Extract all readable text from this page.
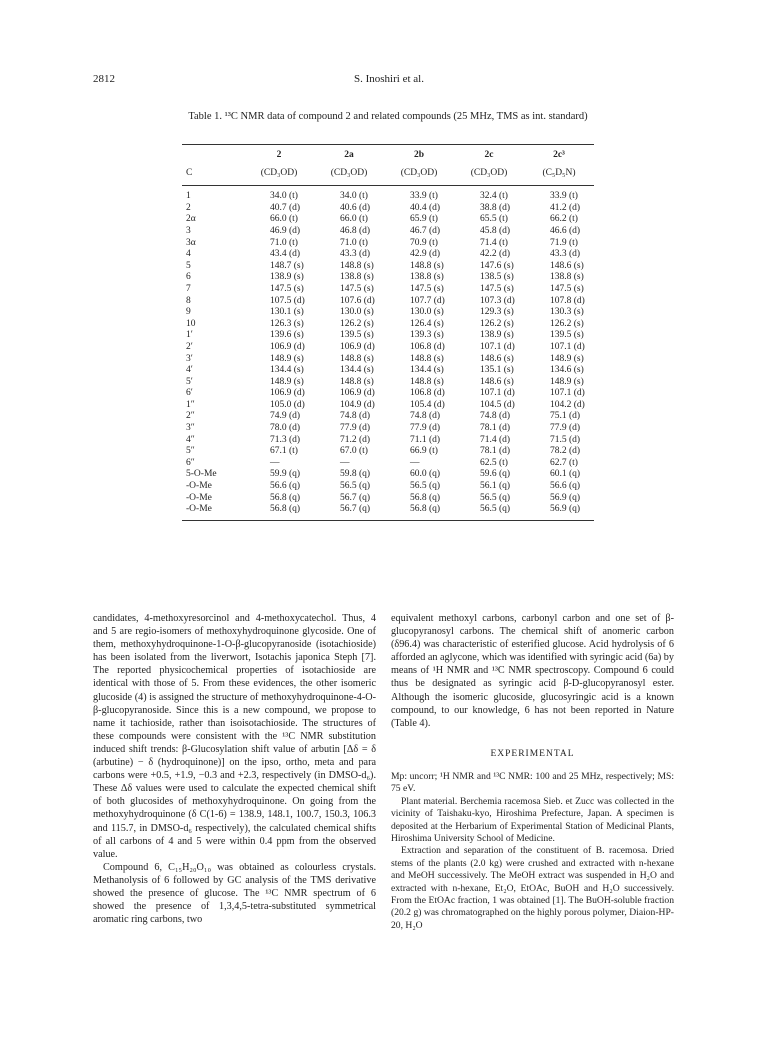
2812	S. Inoshiri et al.
Table 1. ¹³C NMR data of compound 2 and related compounds (25 MHz, TMS as int. standard)
	2	2a	2b	2c	2c³
C	(CD₃OD)	(CD₃OD)	(CD₃OD)	(CD₃OD)	(C₅D₅N)
1	34.0 (t)	34.0 (t)	33.9 (t)	32.4 (t)	33.9 (t)
2	40.7 (d)	40.6 (d)	40.4 (d)	38.8 (d)	41.2 (d)
2α	66.0 (t)	66.0 (t)	65.9 (t)	65.5 (t)	66.2 (t)
3	46.9 (d)	46.8 (d)	46.7 (d)	45.8 (d)	46.6 (d)
3α	71.0 (t)	71.0 (t)	70.9 (t)	71.4 (t)	71.9 (t)
4	43.4 (d)	43.3 (d)	42.9 (d)	42.2 (d)	43.3 (d)
5	148.7 (s)	148.8 (s)	148.8 (s)	147.6 (s)	148.6 (s)
6	138.9 (s)	138.8 (s)	138.8 (s)	138.5 (s)	138.8 (s)
7	147.5 (s)	147.5 (s)	147.5 (s)	147.5 (s)	147.5 (s)
8	107.5 (d)	107.6 (d)	107.7 (d)	107.3 (d)	107.8 (d)
9	130.1 (s)	130.0 (s)	130.0 (s)	129.3 (s)	130.3 (s)
10	126.3 (s)	126.2 (s)	126.4 (s)	126.2 (s)	126.2 (s)
1′	139.6 (s)	139.5 (s)	139.3 (s)	138.9 (s)	139.5 (s)
2′	106.9 (d)	106.9 (d)	106.8 (d)	107.1 (d)	107.1 (d)
3′	148.9 (s)	148.8 (s)	148.8 (s)	148.6 (s)	148.9 (s)
4′	134.4 (s)	134.4 (s)	134.4 (s)	135.1 (s)	134.6 (s)
5′	148.9 (s)	148.8 (s)	148.8 (s)	148.6 (s)	148.9 (s)
6′	106.9 (d)	106.9 (d)	106.8 (d)	107.1 (d)	107.1 (d)
1″	105.0 (d)	104.9 (d)	105.4 (d)	104.5 (d)	104.2 (d)
2″	74.9 (d)	74.8 (d)	74.8 (d)	74.8 (d)	75.1 (d)
3″	78.0 (d)	77.9 (d)	77.9 (d)	78.1 (d)	77.9 (d)
4″	71.3 (d)	71.2 (d)	71.1 (d)	71.4 (d)	71.5 (d)
5″	67.1 (t)	67.0 (t)	66.9 (t)	78.1 (d)	78.2 (d)
6″	—	—	—	62.5 (t)	62.7 (t)
5-O-Me	59.9 (q)	59.8 (q)	60.0 (q)	59.6 (q)	60.1 (q)
-O-Me	56.6 (q)	56.5 (q)	56.5 (q)	56.1 (q)	56.6 (q)
-O-Me	56.8 (q)	56.7 (q)	56.8 (q)	56.5 (q)	56.9 (q)
-O-Me	56.8 (q)	56.7 (q)	56.8 (q)	56.5 (q)	56.9 (q)

candidates, 4-methoxyresorcinol and 4-methoxycatechol. Thus, 4 and 5 are regio-isomers of methoxyhydroquinone glycoside. One of them, methoxyhydroquinone-1-O-β-glucopyranoside (isotachioside) has been isolated from the liverwort, Isotachis japonica Steph [7]. The reported physicochemical properties of isotachioside are identical with those of 5. From these evidences, the other isomeric glucoside (4) is assigned the structure of methoxyhydroquinone-4-O-β-glucopyranoside. Since this is a new compound, we propose to name it tachioside, rather than isoisotachioside. The structures of these compounds were consistent with the ¹³C NMR substitution induced shift trends: β-Glucosylation shift value of arbutin [Δδ = δ (arbutine) − δ (hydroquinone)] on the ipso, ortho, meta and para carbons were +0.5, +1.9, −0.3 and +2.3, respectively (in DMSO-d₆). These Δδ values were used to calculate the expected chemical shift of both glucosides of methoxyhydroquinone. On going from the methoxyhydroquinone (δ C(1-6) = 138.9, 148.1, 100.7, 150.3, 106.3 and 115.7, in DMSO-d₆ respectively), the calculated chemical shifts of all carbons of 4 and 5 were within 0.4 ppm from the observed value.

Compound 6, C₁₅H₂₀O₁₀ was obtained as colourless crystals. Methanolysis of 6 followed by GC analysis of the TMS derivative showed the presence of glucose. The ¹³C NMR spectrum of 6 showed the presence of 1,3,4,5-tetra-substituted symmetrical aromatic ring carbons, two

equivalent methoxyl carbons, carbonyl carbon and one set of β-glucopyranosyl carbons. The chemical shift of anomeric carbon (δ96.4) was characteristic of esterified glucose. Acid hydrolysis of 6 afforded an aglycone, which was identified with syringic acid (6a) by means of ¹H NMR and ¹³C NMR spectroscopy. Compound 6 could thus be designated as syringic acid β-D-glucopyranosyl ester. Although the isomeric glucoside, glucosyringic acid is a known compound, to our knowledge, 6 has not been reported in Nature (Table 4).

EXPERIMENTAL

Mp: uncorr; ¹H NMR and ¹³C NMR: 100 and 25 MHz, respectively; MS: 75 eV.

Plant material. Berchemia racemosa Sieb. et Zucc was collected in the vicinity of Taishaku-kyo, Hiroshima Prefecture, Japan. A specimen is deposited at the Herbarium of Experimental Station of Medicinal Plants, Hiroshima University School of Medicine.

Extraction and separation of the constituent of B. racemosa. Dried stems of the plants (2.0 kg) were crushed and extracted with n-hexane and MeOH successively. The MeOH extract was suspended in H₂O and extracted with n-hexane, Et₂O, EtOAc, BuOH and H₂O successively. From the EtOAc fraction, 1 was obtained [1]. The BuOH-soluble fraction (20.2 g) was chromatographed on the highly porous polymer, Diaion-HP-20, H₂O
